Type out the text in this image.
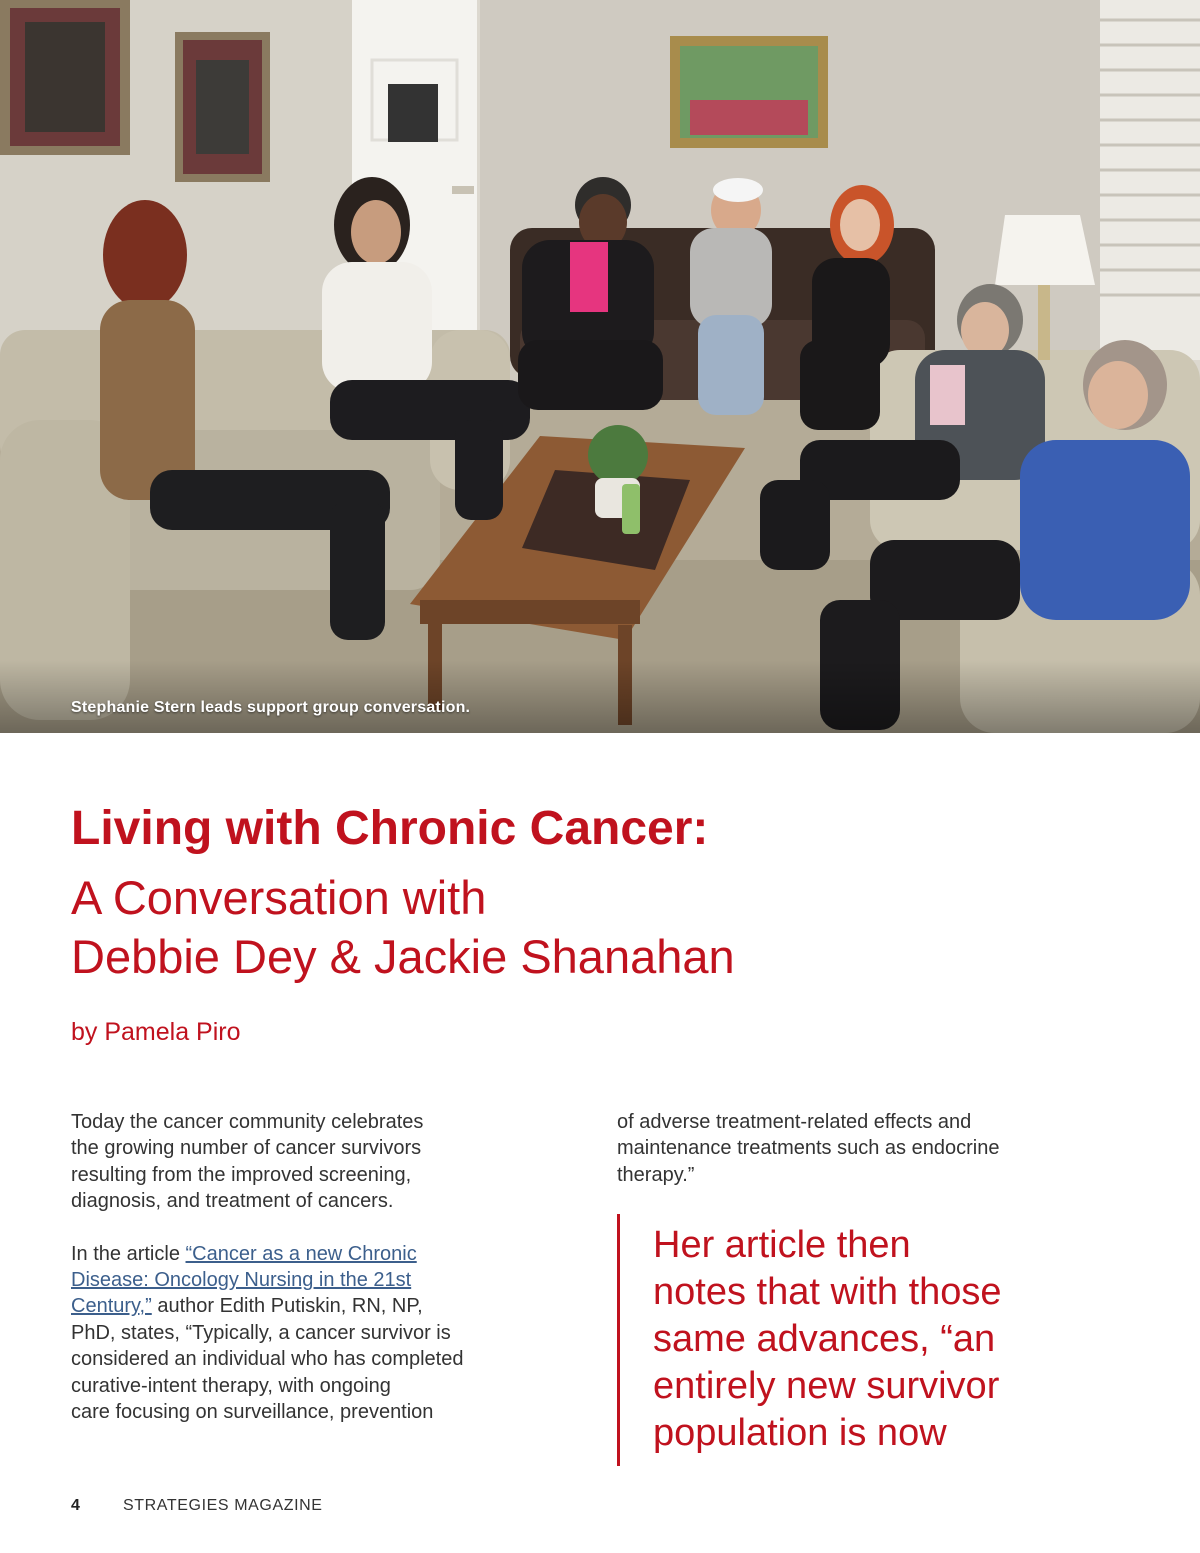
Stephanie Stern leads support group conversation.
Living with Chronic Cancer:
A Conversation with
Debbie Dey & Jackie Shanahan

by Pamela Piro

Today the cancer community celebrates
the growing number of cancer survivors
resulting from the improved screening,
diagnosis, and treatment of cancers.

In the article “Cancer as a new Chronic
Disease: Oncology Nursing in the 21st
Century,” author Edith Putiskin, RN, NP,
PhD, states, “Typically, a cancer survivor is
considered an individual who has completed
curative-intent therapy, with ongoing
care focusing on surveillance, prevention

of adverse treatment-related effects and
maintenance treatments such as endocrine
therapy.”

Her article then
notes that with those
same advances, “an
entirely new survivor
population is now

4	STRATEGIES MAGAZINE
